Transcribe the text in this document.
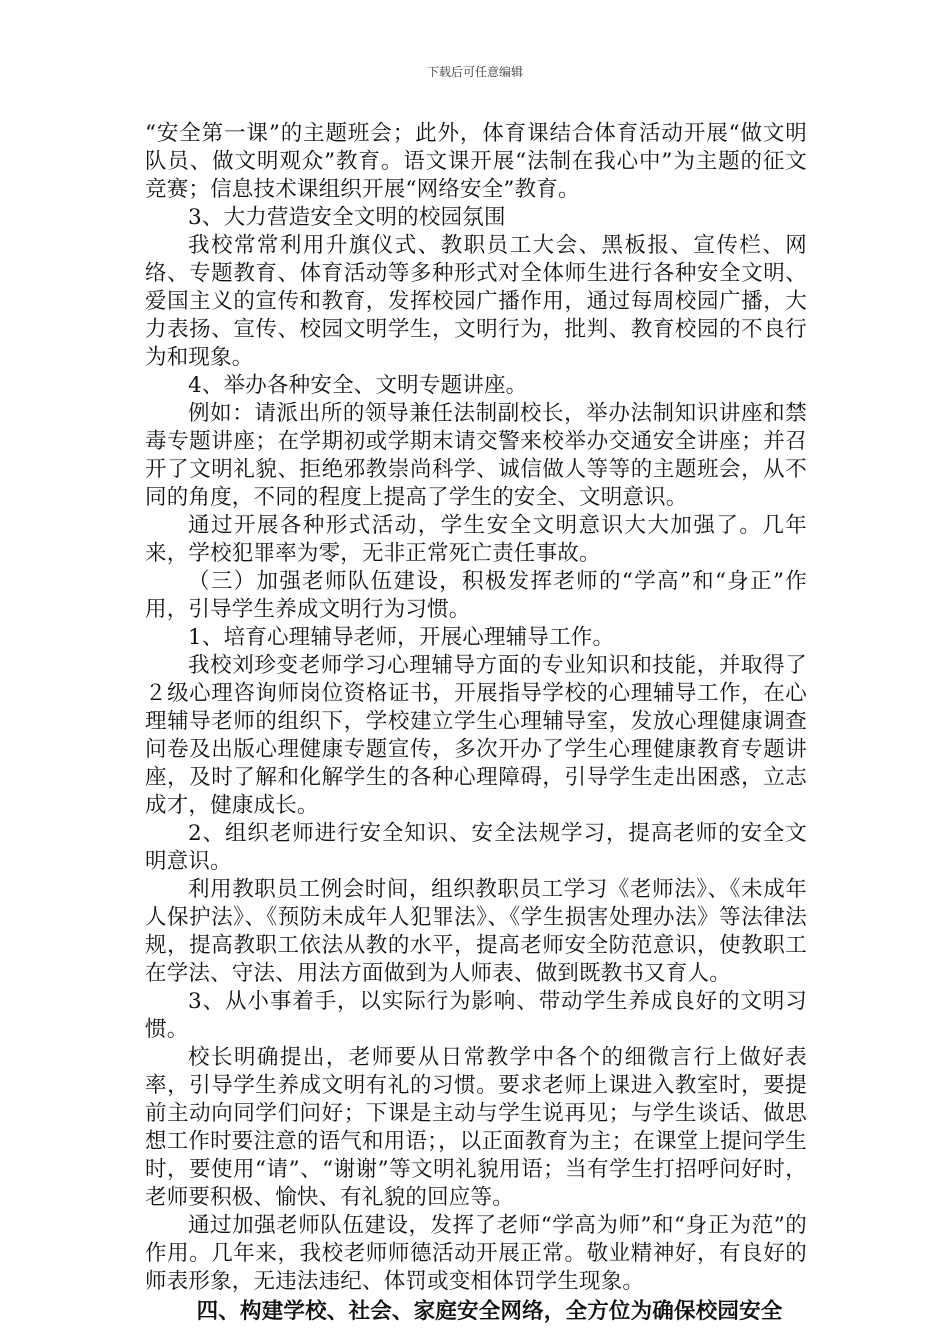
下载后可任意编辑

“安全第一课”的主题班会；此外，体育课结合体育活动开展“做文明队员、做文明观众”教育。语文课开展“法制在我心中”为主题的征文竞赛；信息技术课组织开展“网络安全”教育。

3、大力营造安全文明的校园氛围

我校常常利用升旗仪式、教职员工大会、黑板报、宣传栏、网络、专题教育、体育活动等多种形式对全体师生进行各种安全文明、爱国主义的宣传和教育，发挥校园广播作用，通过每周校园广播，大力表扬、宣传、校园文明学生，文明行为，批判、教育校园的不良行为和现象。

4、举办各种安全、文明专题讲座。

例如：请派出所的领导兼任法制副校长，举办法制知识讲座和禁毒专题讲座；在学期初或学期末请交警来校举办交通安全讲座；并召开了文明礼貌、拒绝邪教崇尚科学、诚信做人等等的主题班会，从不同的角度，不同的程度上提高了学生的安全、文明意识。

通过开展各种形式活动，学生安全文明意识大大加强了。几年来，学校犯罪率为零，无非正常死亡责任事故。

（三）加强老师队伍建设，积极发挥老师的“学高”和“身正”作用，引导学生养成文明行为习惯。

1、培育心理辅导老师，开展心理辅导工作。

我校刘珍变老师学习心理辅导方面的专业知识和技能，并取得了２级心理咨询师岗位资格证书，开展指导学校的心理辅导工作，在心理辅导老师的组织下，学校建立学生心理辅导室，发放心理健康调查问卷及出版心理健康专题宣传，多次开办了学生心理健康教育专题讲座，及时了解和化解学生的各种心理障碍，引导学生走出困惑，立志成才，健康成长。

2、组织老师进行安全知识、安全法规学习，提高老师的安全文明意识。

利用教职员工例会时间，组织教职员工学习《老师法》、《未成年人保护法》、《预防未成年人犯罪法》、《学生损害处理办法》等法律法规，提高教职工依法从教的水平，提高老师安全防范意识，使教职工在学法、守法、用法方面做到为人师表、做到既教书又育人。

3、从小事着手，以实际行为影响、带动学生养成良好的文明习惯。

校长明确提出，老师要从日常教学中各个的细微言行上做好表率，引导学生养成文明有礼的习惯。要求老师上课进入教室时，要提前主动向同学们问好；下课是主动与学生说再见；与学生谈话、做思想工作时要注意的语气和用语；，以正面教育为主；在课堂上提问学生时，要使用“请”、“谢谢”等文明礼貌用语；当有学生打招呼问好时，老师要积极、愉快、有礼貌的回应等。

通过加强老师队伍建设，发挥了老师“学高为师”和“身正为范”的作用。几年来，我校老师师德活动开展正常。敬业精神好，有良好的师表形象，无违法违纪、体罚或变相体罚学生现象。

四、构建学校、社会、家庭安全网络，全方位为确保校园安全
